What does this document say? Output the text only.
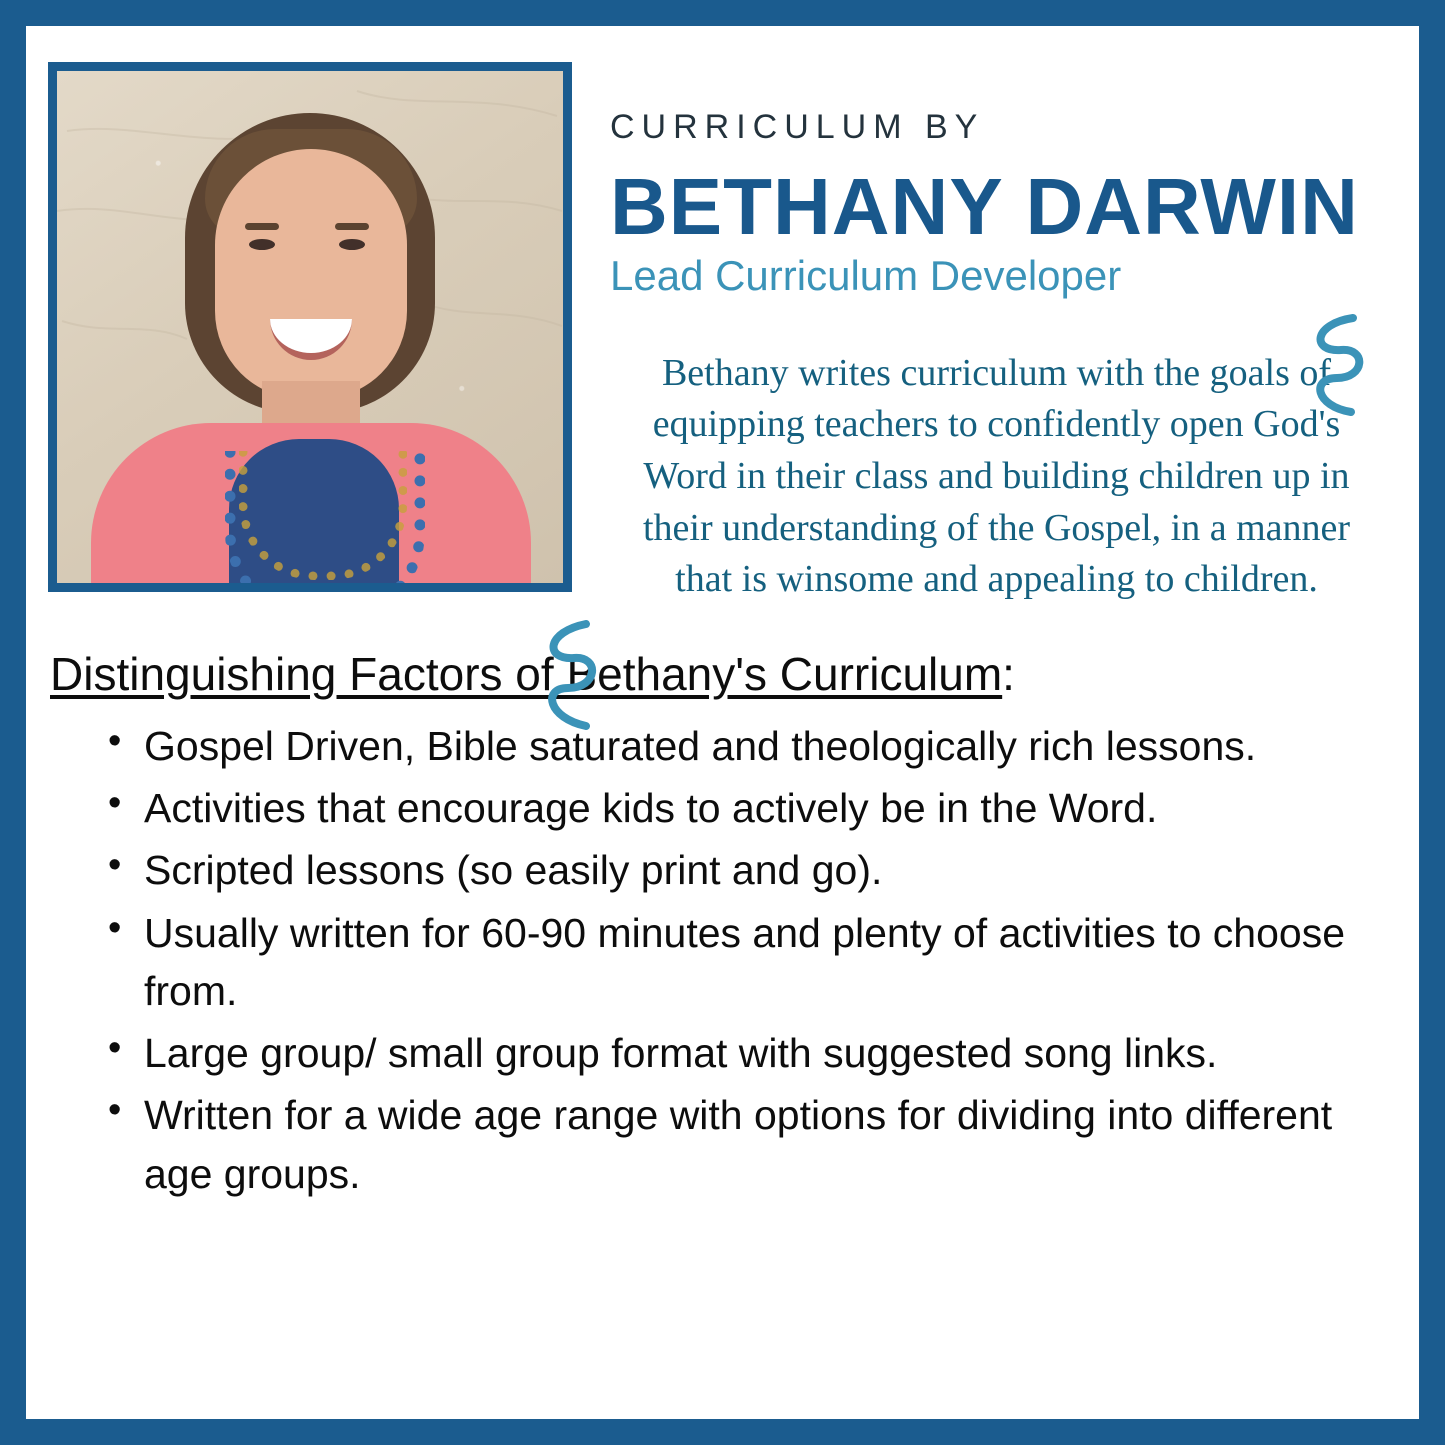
CURRICULUM BY
BETHANY DARWIN
Lead Curriculum Developer
Bethany writes curriculum with the goals of equipping teachers to confidently open God's Word in their class and building children up in their understanding of the Gospel, in a manner that is winsome and appealing to children.
Distinguishing Factors of Bethany's Curriculum:
• Gospel Driven, Bible saturated and theologically rich lessons.
• Activities that encourage kids to actively be in the Word.
• Scripted lessons (so easily print and go).
• Usually written for 60-90 minutes and plenty of activities to choose from.
• Large group/ small group format with suggested song links.
• Written for a wide age range with options for dividing into different age groups.
